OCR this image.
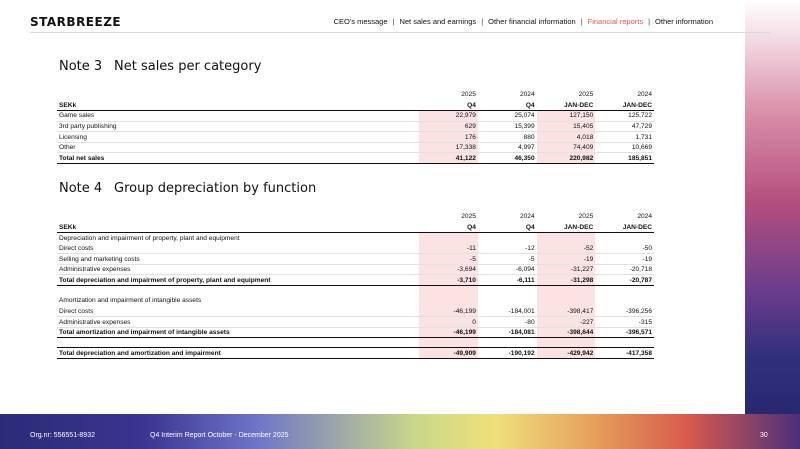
STARBREEZE	CEO's message | Net sales and earnings | Other financial information | Financial reports | Other information
Note 3 Net sales per category
	2025	2024	2025	2024
SEKk	Q4	Q4	JAN-DEC	JAN-DEC
Game sales	22,979	25,074	127,150	125,722
3rd party publishing	629	15,399	15,405	47,729
Licensing	176	880	4,018	1,731
Other	17,338	4,997	74,409	10,669
Total net sales	41,122	46,350	220,982	185,851
Note 4 Group depreciation by function
	2025	2024	2025	2024
SEKk	Q4	Q4	JAN-DEC	JAN-DEC
Depreciation and impairment of property, plant and equipment				
Direct costs	-11	-12	-52	-50
Selling and marketing costs	-5	-5	-19	-19
Administrative expenses	-3,694	-6,094	-31,227	-20,718
Total depreciation and impairment of property, plant and equipment	-3,710	-6,111	-31,298	-20,787

Amortization and impairment of intangible assets				
Direct costs	-46,199	-184,001	-398,417	-396,256
Administrative expenses	0	-80	-227	-315
Total amortization and impairment of intangible assets	-46,199	-184,081	-398,644	-396,571

Total depreciation and amortization and impairment	-49,909	-190,192	-429,942	-417,358
Org.nr: 556551-8932	Q4 Interim Report October - December 2025	30
